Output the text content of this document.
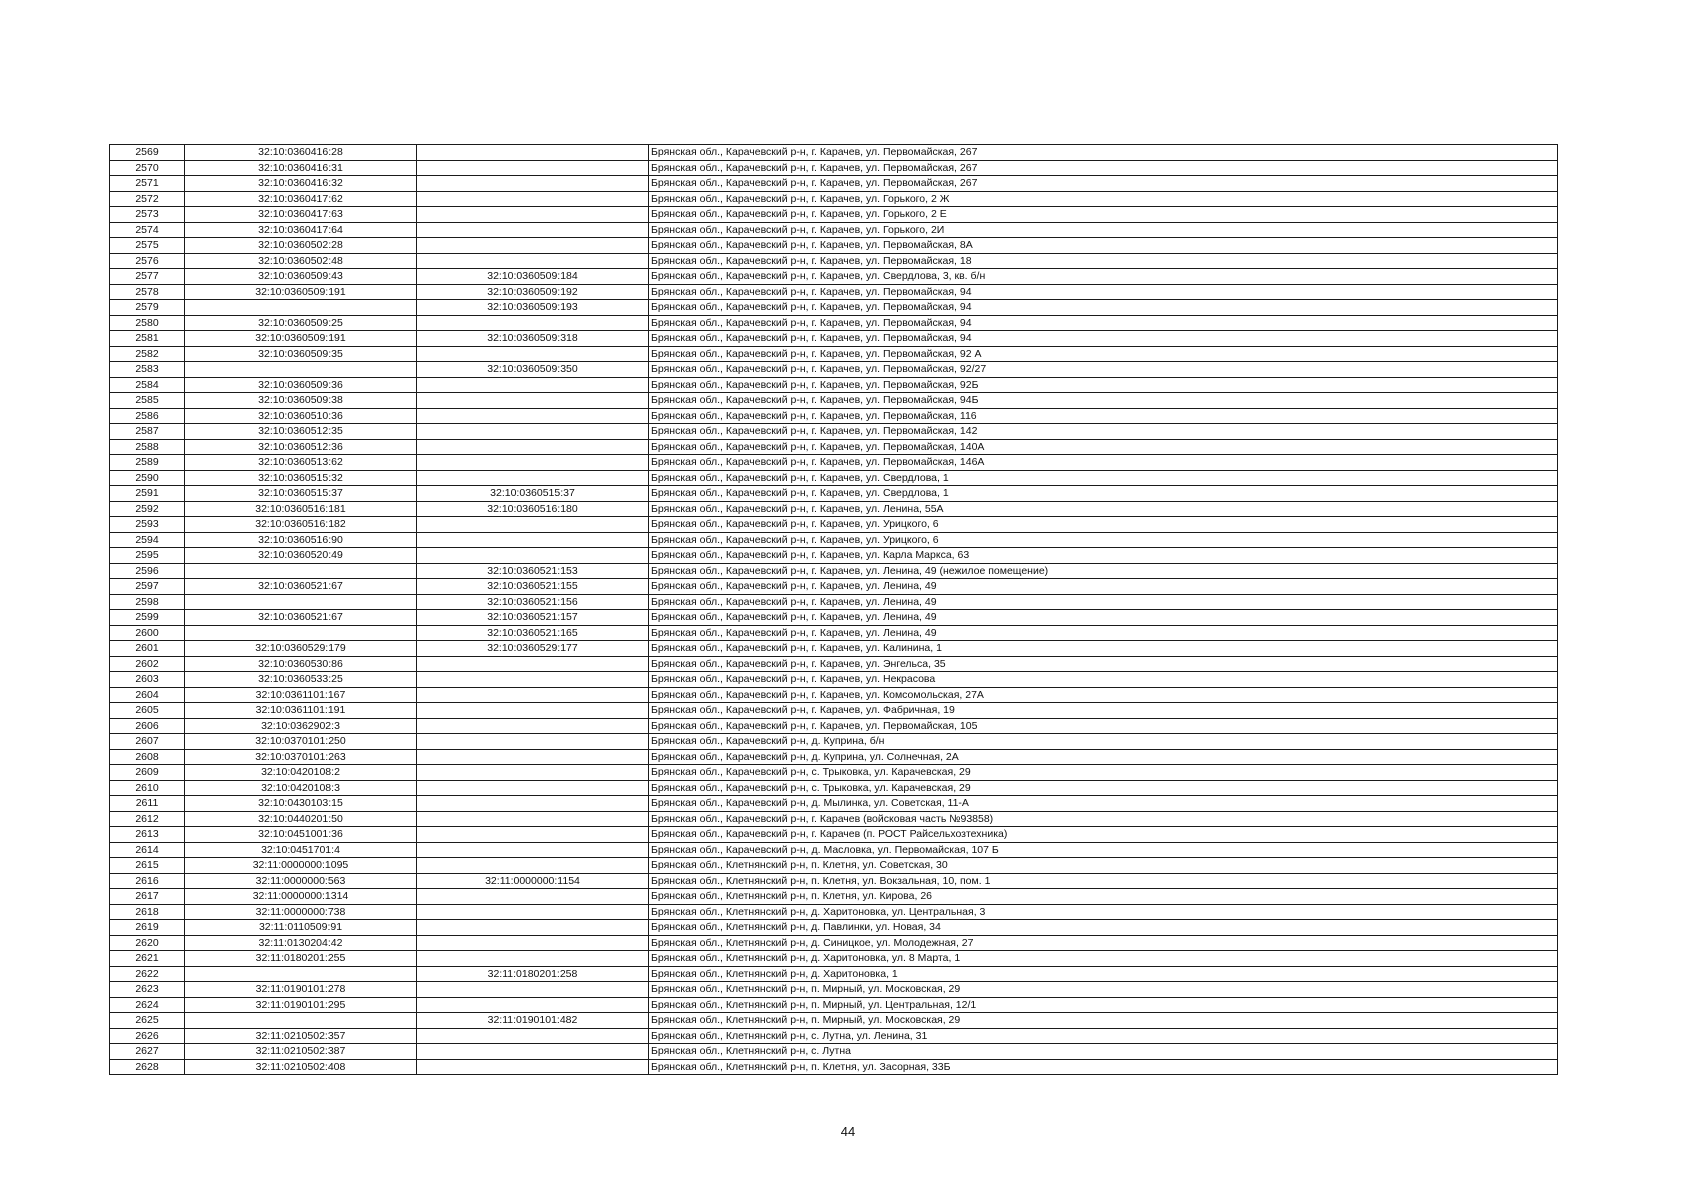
2569	32:10:0360416:28		Брянская обл., Карачевский р-н, г. Карачев, ул. Первомайская, 267
2570	32:10:0360416:31		Брянская обл., Карачевский р-н, г. Карачев, ул. Первомайская, 267
2571	32:10:0360416:32		Брянская обл., Карачевский р-н, г. Карачев, ул. Первомайская, 267
2572	32:10:0360417:62		Брянская обл., Карачевский р-н, г. Карачев, ул. Горького, 2 Ж
2573	32:10:0360417:63		Брянская обл., Карачевский р-н, г. Карачев, ул. Горького, 2 Е
2574	32:10:0360417:64		Брянская обл., Карачевский р-н, г. Карачев, ул. Горького, 2И
2575	32:10:0360502:28		Брянская обл., Карачевский р-н, г. Карачев, ул. Первомайская, 8А
2576	32:10:0360502:48		Брянская обл., Карачевский р-н, г. Карачев, ул. Первомайская, 18
2577	32:10:0360509:43	32:10:0360509:184	Брянская обл., Карачевский р-н, г. Карачев, ул. Свердлова, 3, кв. б/н
2578	32:10:0360509:191	32:10:0360509:192	Брянская обл., Карачевский р-н, г. Карачев, ул. Первомайская, 94
2579		32:10:0360509:193	Брянская обл., Карачевский р-н, г. Карачев, ул. Первомайская, 94
2580	32:10:0360509:25		Брянская обл., Карачевский р-н, г. Карачев, ул. Первомайская, 94
2581	32:10:0360509:191	32:10:0360509:318	Брянская обл., Карачевский р-н, г. Карачев, ул. Первомайская, 94
2582	32:10:0360509:35		Брянская обл., Карачевский р-н, г. Карачев, ул. Первомайская, 92 А
2583		32:10:0360509:350	Брянская обл., Карачевский р-н, г. Карачев, ул. Первомайская, 92/27
2584	32:10:0360509:36		Брянская обл., Карачевский р-н, г. Карачев, ул. Первомайская, 92Б
2585	32:10:0360509:38		Брянская обл., Карачевский р-н, г. Карачев, ул. Первомайская, 94Б
2586	32:10:0360510:36		Брянская обл., Карачевский р-н, г. Карачев, ул. Первомайская, 116
2587	32:10:0360512:35		Брянская обл., Карачевский р-н, г. Карачев, ул. Первомайская, 142
2588	32:10:0360512:36		Брянская обл., Карачевский р-н, г. Карачев, ул. Первомайская, 140А
2589	32:10:0360513:62		Брянская обл., Карачевский р-н, г. Карачев, ул. Первомайская, 146А
2590	32:10:0360515:32		Брянская обл., Карачевский р-н, г. Карачев, ул. Свердлова, 1
2591	32:10:0360515:37	32:10:0360515:37	Брянская обл., Карачевский р-н, г. Карачев, ул. Свердлова, 1
2592	32:10:0360516:181	32:10:0360516:180	Брянская обл., Карачевский р-н, г. Карачев, ул. Ленина, 55А
2593	32:10:0360516:182		Брянская обл., Карачевский р-н, г. Карачев, ул. Урицкого, 6
2594	32:10:0360516:90		Брянская обл., Карачевский р-н, г. Карачев, ул. Урицкого, 6
2595	32:10:0360520:49		Брянская обл., Карачевский р-н, г. Карачев, ул. Карла Маркса, 63
2596		32:10:0360521:153	Брянская обл., Карачевский р-н, г. Карачев, ул. Ленина, 49 (нежилое помещение)
2597	32:10:0360521:67	32:10:0360521:155	Брянская обл., Карачевский р-н, г. Карачев, ул. Ленина, 49
2598		32:10:0360521:156	Брянская обл., Карачевский р-н, г. Карачев, ул. Ленина, 49
2599	32:10:0360521:67	32:10:0360521:157	Брянская обл., Карачевский р-н, г. Карачев, ул. Ленина, 49
2600		32:10:0360521:165	Брянская обл., Карачевский р-н, г. Карачев, ул. Ленина, 49
2601	32:10:0360529:179	32:10:0360529:177	Брянская обл., Карачевский р-н, г. Карачев, ул. Калинина, 1
2602	32:10:0360530:86		Брянская обл., Карачевский р-н, г. Карачев, ул. Энгельса, 35
2603	32:10:0360533:25		Брянская обл., Карачевский р-н, г. Карачев, ул. Некрасова
2604	32:10:0361101:167		Брянская обл., Карачевский р-н, г. Карачев, ул. Комсомольская, 27А
2605	32:10:0361101:191		Брянская обл., Карачевский р-н, г. Карачев, ул. Фабричная, 19
2606	32:10:0362902:3		Брянская обл., Карачевский р-н, г. Карачев, ул. Первомайская, 105
2607	32:10:0370101:250		Брянская обл., Карачевский р-н, д. Куприна, б/н
2608	32:10:0370101:263		Брянская обл., Карачевский р-н, д. Куприна, ул. Солнечная, 2А
2609	32:10:0420108:2		Брянская обл., Карачевский р-н, с. Трыковка, ул. Карачевская, 29
2610	32:10:0420108:3		Брянская обл., Карачевский р-н, с. Трыковка, ул. Карачевская, 29
2611	32:10:0430103:15		Брянская обл., Карачевский р-н, д. Мылинка, ул. Советская, 11-А
2612	32:10:0440201:50		Брянская обл., Карачевский р-н, г. Карачев (войсковая часть №93858)
2613	32:10:0451001:36		Брянская обл., Карачевский р-н, г. Карачев (п. РОСТ Райсельхозтехника)
2614	32:10:0451701:4		Брянская обл., Карачевский р-н, д. Масловка, ул. Первомайская, 107 Б
2615	32:11:0000000:1095		Брянская обл., Клетнянский р-н, п. Клетня, ул. Советская, 30
2616	32:11:0000000:563	32:11:0000000:1154	Брянская обл., Клетнянский р-н, п. Клетня, ул. Вокзальная, 10, пом. 1
2617	32:11:0000000:1314		Брянская обл., Клетнянский р-н, п. Клетня, ул. Кирова, 26
2618	32:11:0000000:738		Брянская обл., Клетнянский р-н, д. Харитоновка, ул. Центральная, 3
2619	32:11:0110509:91		Брянская обл., Клетнянский р-н, д. Павлинки, ул. Новая, 34
2620	32:11:0130204:42		Брянская обл., Клетнянский р-н, д. Синицкое, ул. Молодежная, 27
2621	32:11:0180201:255		Брянская обл., Клетнянский р-н, д. Харитоновка, ул. 8 Марта, 1
2622		32:11:0180201:258	Брянская обл., Клетнянский р-н, д. Харитоновка, 1
2623	32:11:0190101:278		Брянская обл., Клетнянский р-н, п. Мирный, ул. Московская, 29
2624	32:11:0190101:295		Брянская обл., Клетнянский р-н, п. Мирный, ул. Центральная, 12/1
2625		32:11:0190101:482	Брянская обл., Клетнянский р-н, п. Мирный, ул. Московская, 29
2626	32:11:0210502:357		Брянская обл., Клетнянский р-н, с. Лутна, ул. Ленина, 31
2627	32:11:0210502:387		Брянская обл., Клетнянский р-н, с. Лутна
2628	32:11:0210502:408		Брянская обл., Клетнянский р-н, п. Клетня, ул. Засорная, 33Б
44
